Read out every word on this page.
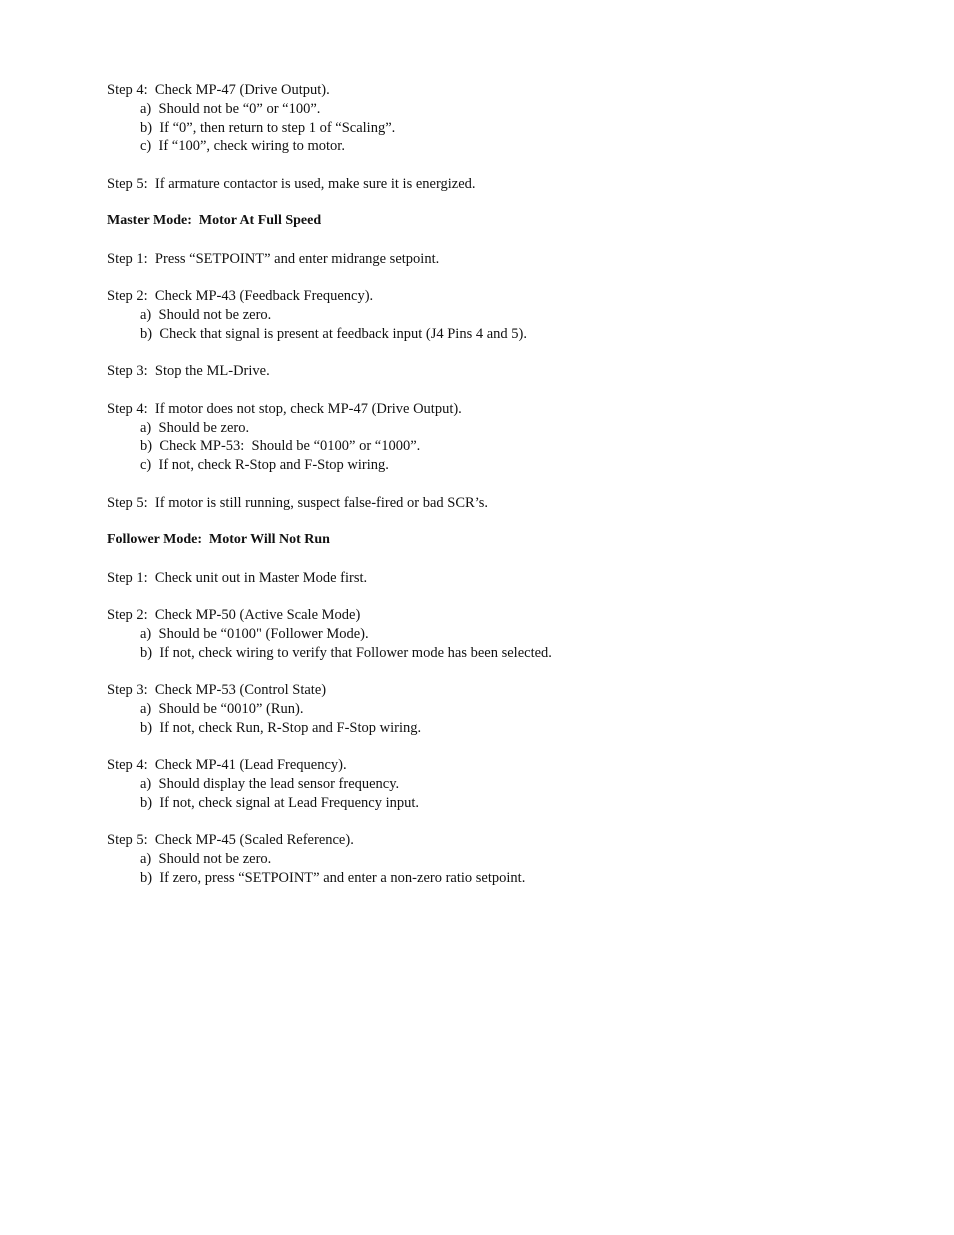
Step 4:  Check MP-47 (Drive Output).
a)  Should not be “0” or “100”.
b)  If “0”, then return to step 1 of “Scaling”.
c)  If “100”, check wiring to motor.
Step 5:  If armature contactor is used, make sure it is energized.
Master Mode:  Motor At Full Speed
Step 1:  Press “SETPOINT” and enter midrange setpoint.
Step 2:  Check MP-43 (Feedback Frequency).
a)  Should not be zero.
b)  Check that signal is present at feedback input (J4 Pins 4 and 5).
Step 3:  Stop the ML-Drive.
Step 4:  If motor does not stop, check MP-47 (Drive Output).
a)  Should be zero.
b)  Check MP-53:  Should be “0100” or “1000”.
c)  If not, check R-Stop and F-Stop wiring.
Step 5:  If motor is still running, suspect false-fired or bad SCR’s.
Follower Mode:  Motor Will Not Run
Step 1:  Check unit out in Master Mode first.
Step 2:  Check MP-50 (Active Scale Mode)
a)  Should be “0100" (Follower Mode).
b)  If not, check wiring to verify that Follower mode has been selected.
Step 3:  Check MP-53 (Control State)
a)  Should be “0010” (Run).
b)  If not, check Run, R-Stop and F-Stop wiring.
Step 4:  Check MP-41 (Lead Frequency).
a)  Should display the lead sensor frequency.
b)  If not, check signal at Lead Frequency input.
Step 5:  Check MP-45 (Scaled Reference).
a)  Should not be zero.
b)  If zero, press “SETPOINT” and enter a non-zero ratio setpoint.
